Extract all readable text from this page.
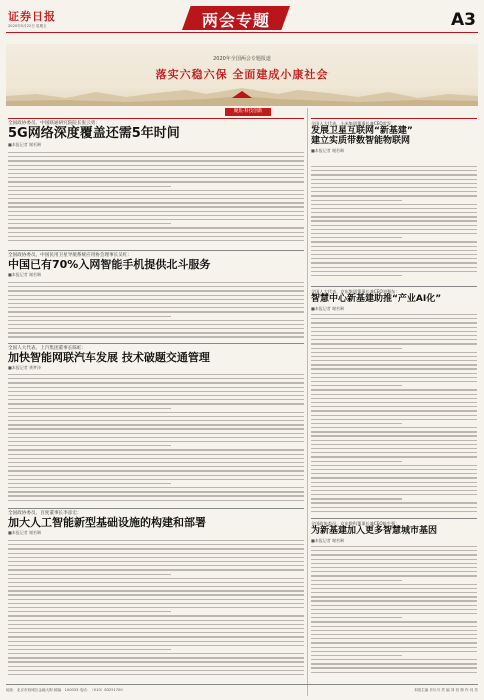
证券日报
2020年5月22日 星期五	两会专题	A3
2020年全国两会专题报道
落实六稳六保 全面建成小康社会
聚焦·科技创新
全国政协委员、中国联通研究院院长张云勇：
5G网络深度覆盖还需5年时间
■本报记者 谢若琳
全国政协委员、中国民用卫星导航系统应用协会理事长吴红：
中国已有70%入网智能手机提供北斗服务
■本报记者 谢若琳
全国人大代表、上汽集团董事长陈虹：
加快智能网联汽车发展 技术破题交通管理
■本报记者 龚梦泽
全国政协委员、百度董事长李彦宏：
加大人工智能新型基础设施的构建和部署
■本报记者 谢若琳
全国人大代表、小米集团董事长兼CEO雷军：
发展卫星互联网“新基建”
建立实质带数智能物联网
■本报记者 谢若琳
全国人大代表、京东集团董事长兼CEO刘强东：
智慧中心新基建助推“产业AI化”
■本报记者 谢若琳
全国政协委员、京东数科董事长兼CEO陈生强：
为新基建加入更多智慧城市基因
■本报记者 谢若琳
地址：北京市西城区金融大街 邮编：100033 电话：（010）83251700	本版主编 乔川川 责 编 刘 钊 制 作 闫 亮
